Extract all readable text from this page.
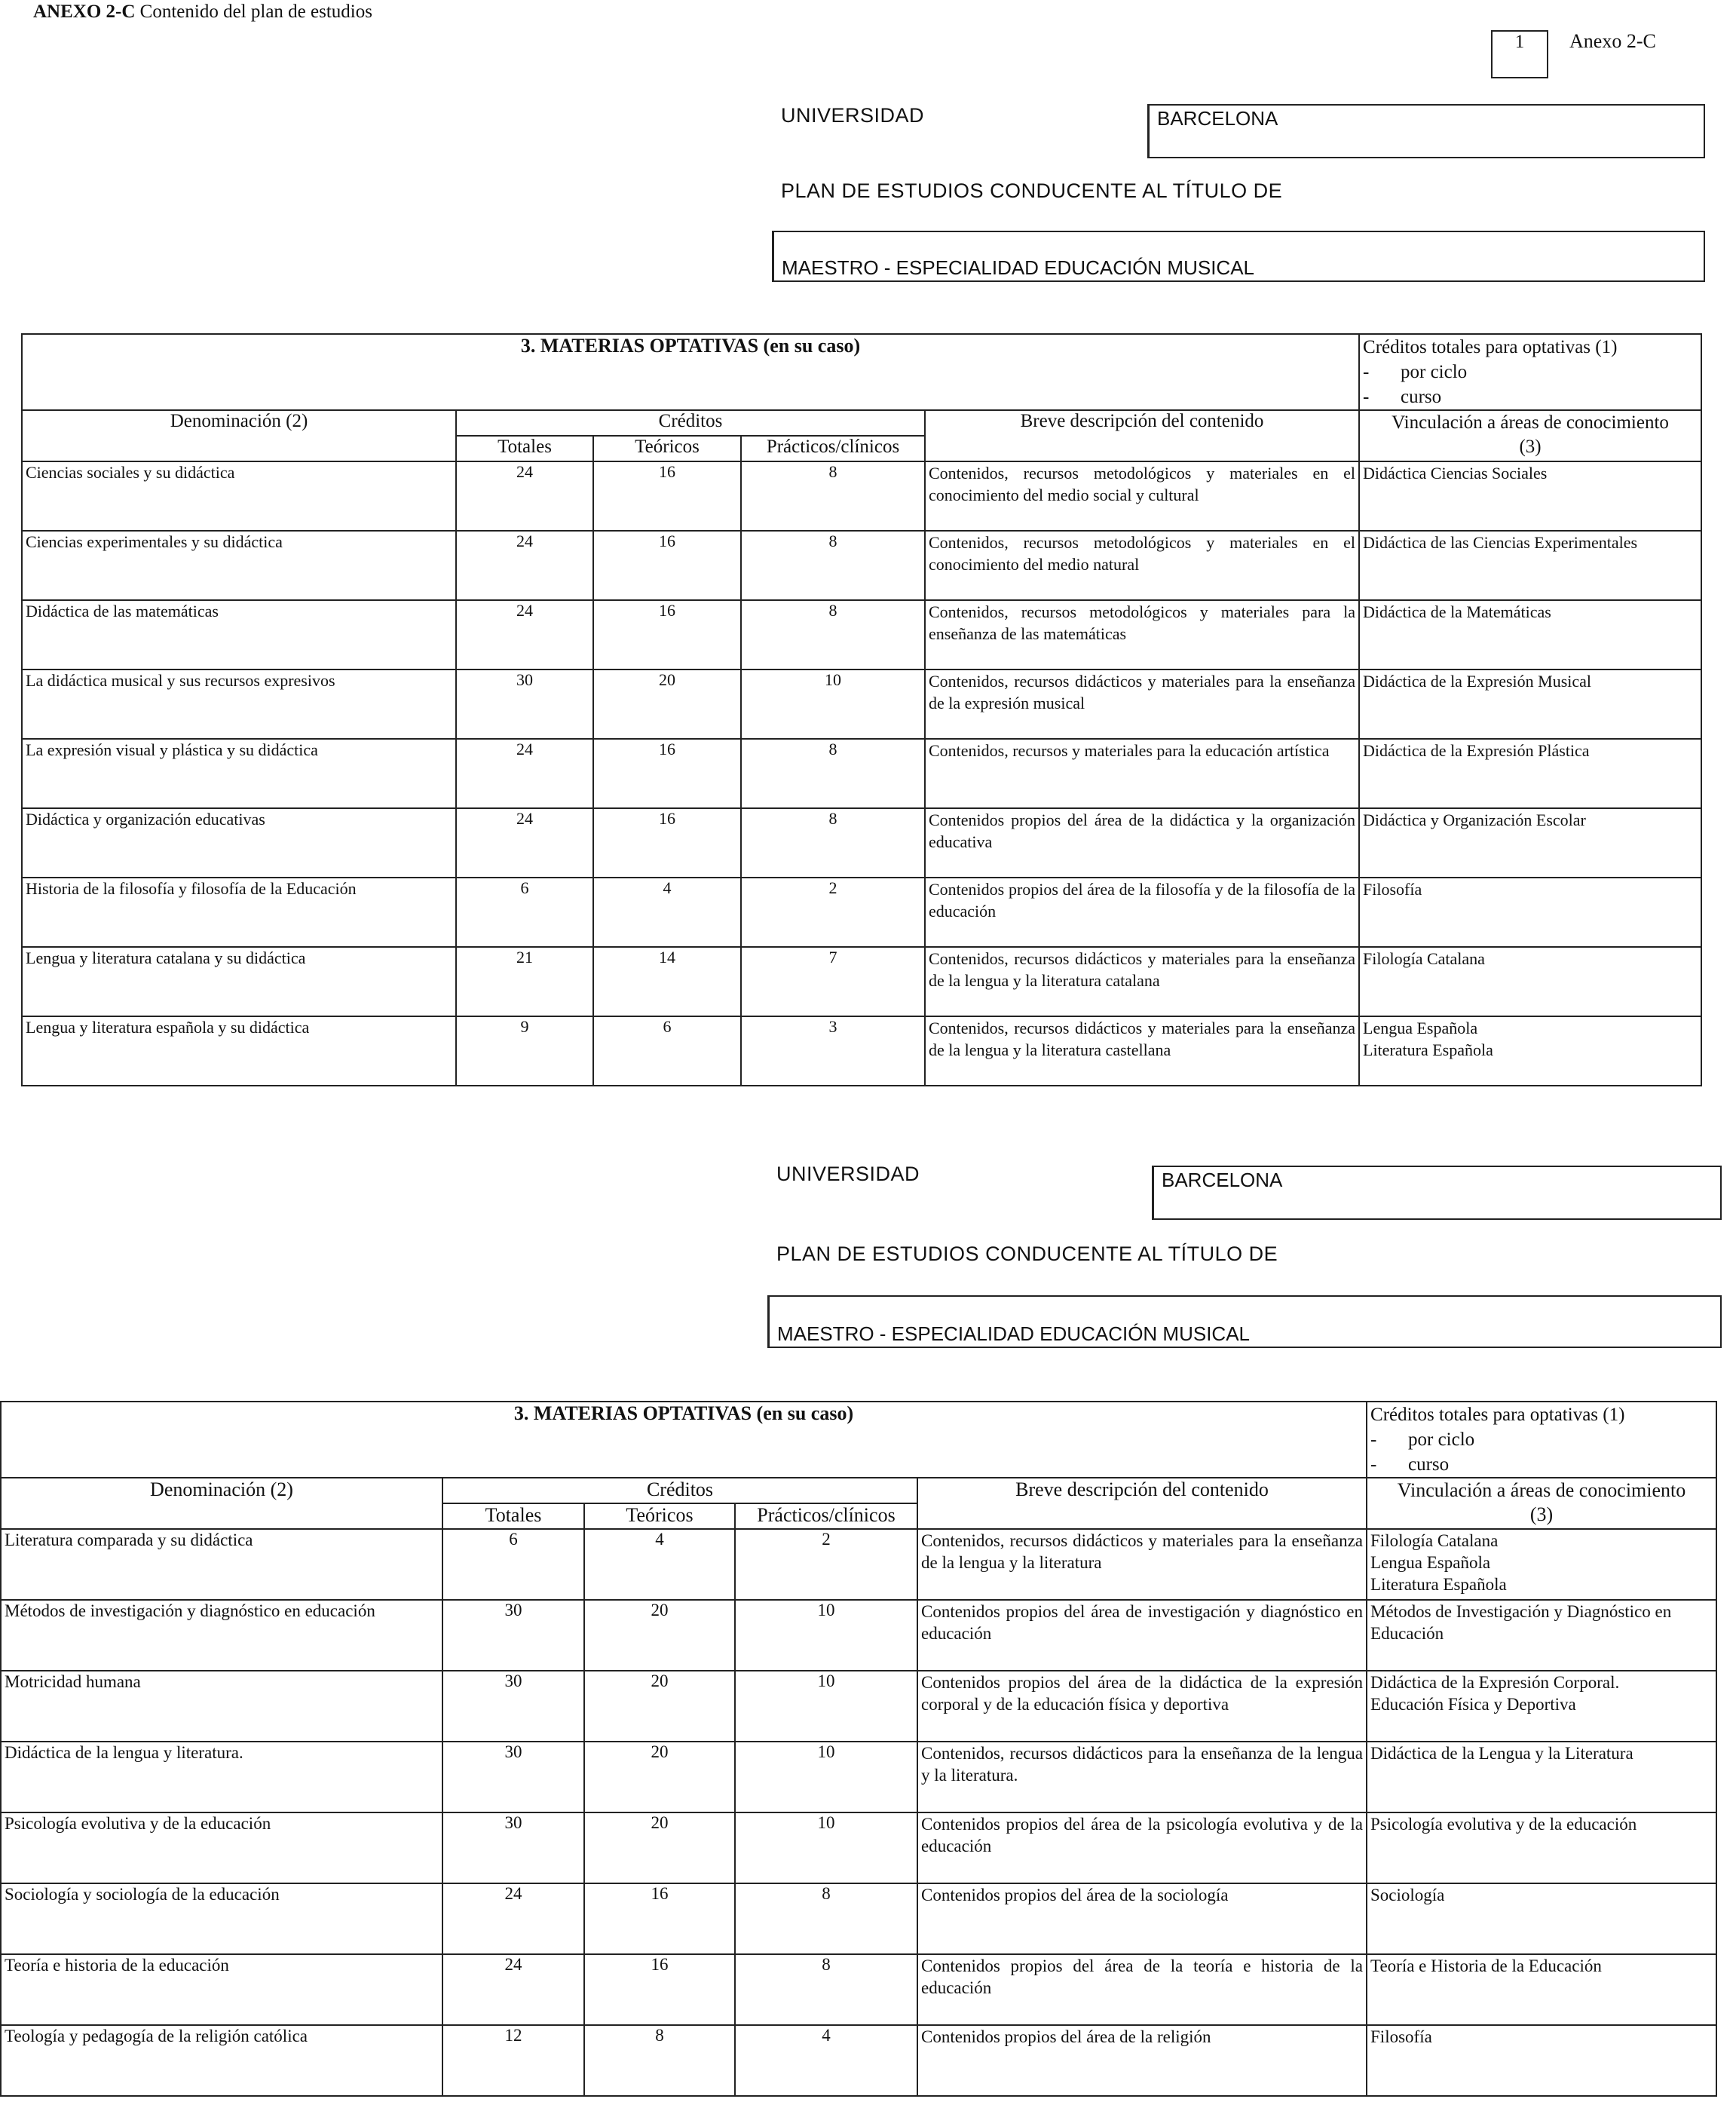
ANEXO 2-C Contenido del plan de estudios
1	Anexo 2-C
UNIVERSIDAD	BARCELONA
PLAN DE ESTUDIOS CONDUCENTE AL TÍTULO DE
MAESTRO - ESPECIALIDAD EDUCACIÓN MUSICAL
3. MATERIAS OPTATIVAS (en su caso)					Créditos totales para optativas (1)
- por ciclo
- curso

Denominación (2)	Créditos			Breve descripción del contenido	Vinculación a áreas de conocimiento
(3)

	Totales	Teóricos	Prácticos/clínicos		
Ciencias sociales y su didáctica	24	16	8	Contenidos, recursos metodológicos y materiales en el conocimiento del medio social y cultural	Didáctica Ciencias Sociales
Ciencias experimentales y su didáctica	24	16	8	Contenidos, recursos metodológicos y materiales en el conocimiento del medio natural	Didáctica de las Ciencias Experimentales
Didáctica de las matemáticas	24	16	8	Contenidos, recursos metodológicos y materiales para la enseñanza de las matemáticas	Didáctica de la Matemáticas
La didáctica musical y sus recursos expresivos	30	20	10	Contenidos, recursos didácticos y materiales para la enseñanza de la expresión musical	Didáctica de la Expresión Musical
La expresión visual y plástica y su didáctica	24	16	8	Contenidos, recursos y materiales para la educación artística	Didáctica de la Expresión Plástica
Didáctica y organización educativas	24	16	8	Contenidos propios del área de la didáctica y la organización educativa	Didáctica y Organización Escolar
Historia de la filosofía y filosofía de la Educación	6	4	2	Contenidos propios del área de la filosofía y de la filosofía de la educación	Filosofía
Lengua y literatura catalana y su didáctica	21	14	7	Contenidos, recursos didácticos y materiales para la enseñanza de la lengua y la literatura catalana	Filología Catalana
Lengua y literatura española y su didáctica	9	6	3	Contenidos, recursos didácticos y materiales para la enseñanza de la lengua y la literatura castellana	Lengua Española
Literatura Española
UNIVERSIDAD	BARCELONA
PLAN DE ESTUDIOS CONDUCENTE AL TÍTULO DE
MAESTRO - ESPECIALIDAD EDUCACIÓN MUSICAL
3. MATERIAS OPTATIVAS (en su caso)					Créditos totales para optativas (1)
- por ciclo
- curso

Denominación (2)	Créditos			Breve descripción del contenido	Vinculación a áreas de conocimiento
(3)

	Totales	Teóricos	Prácticos/clínicos		
Literatura comparada y su didáctica	6	4	2	Contenidos, recursos didácticos y materiales para la enseñanza de la lengua y la literatura	Filología Catalana
Lengua Española
Literatura Española
Métodos de investigación y diagnóstico en educación	30	20	10	Contenidos propios del área de investigación y diagnóstico en educación	Métodos de Investigación y Diagnóstico en Educación
Motricidad humana	30	20	10	Contenidos propios del área de la didáctica de la expresión corporal y de la educación física y deportiva	Didáctica de la Expresión Corporal.
Educación Física y Deportiva
Didáctica de la lengua y literatura.	30	20	10	Contenidos, recursos didácticos para la enseñanza de la lengua y la literatura.	Didáctica de la Lengua y la Literatura
Psicología evolutiva y de la educación	30	20	10	Contenidos propios del área de la psicología evolutiva y de la educación	Psicología evolutiva y de la educación
Sociología y sociología de la educación	24	16	8	Contenidos propios del área de la sociología	Sociología
Teoría e historia de la educación	24	16	8	Contenidos propios del área de la teoría e historia de la educación	Teoría e Historia de la Educación
Teología y pedagogía de la religión católica	12	8	4	Contenidos propios del área de la religión	Filosofía
